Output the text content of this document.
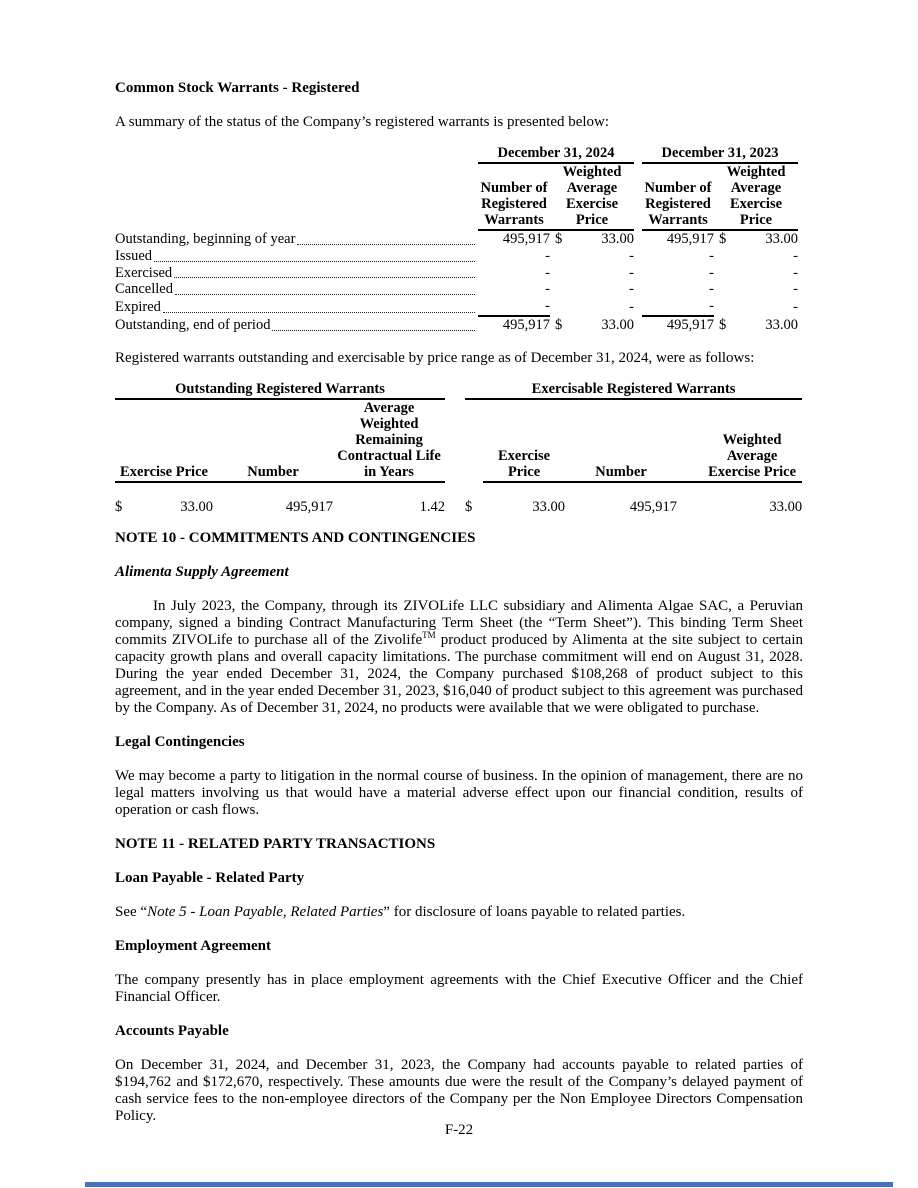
Common Stock Warrants - Registered
A summary of the status of the Company’s registered warrants is presented below:
	December 31, 2024				December 31, 2023		
	Number of Registered Warrants	Weighted Average Exercise Price			Number of Registered Warrants	Weighted Average Exercise Price	

Outstanding, beginning of year	495,917	$	33.00		495,917	$	33.00

Issued	-		-		-		-

Exercised	-		-		-		-

Cancelled	-		-		-		-

Expired	-		-		-		-

Outstanding, end of period	495,917	$	33.00		495,917	$	33.00
Registered warrants outstanding and exercisable by price range as of December 31, 2024, were as follows:
Outstanding Registered Warrants					Exercisable Registered Warrants			
Exercise Price		Number	Average Weighted Remaining Contractual Life in Years			Exercise Price	Number	Weighted Average Exercise Price
$	33.00	495,917	1.42		$	33.00	495,917	33.00
NOTE 10 - COMMITMENTS AND CONTINGENCIES
Alimenta Supply Agreement
In July 2023, the Company, through its ZIVOLife LLC subsidiary and Alimenta Algae SAC, a Peruvian company, signed a binding Contract Manufacturing Term Sheet (the “Term Sheet”). This binding Term Sheet commits ZIVOLife to purchase all of the Zivolife™ product produced by Alimenta at the site subject to certain capacity growth plans and overall capacity limitations. The purchase commitment will end on August 31, 2028. During the year ended December 31, 2024, the Company purchased $108,268 of product subject to this agreement, and in the year ended December 31, 2023, $16,040 of product subject to this agreement was purchased by the Company. As of December 31, 2024, no products were available that we were obligated to purchase.
Legal Contingencies
We may become a party to litigation in the normal course of business. In the opinion of management, there are no legal matters involving us that would have a material adverse effect upon our financial condition, results of operation or cash flows.
NOTE 11 - RELATED PARTY TRANSACTIONS
Loan Payable - Related Party
See “Note 5 - Loan Payable, Related Parties” for disclosure of loans payable to related parties.
Employment Agreement
The company presently has in place employment agreements with the Chief Executive Officer and the Chief Financial Officer.
Accounts Payable
On December 31, 2024, and December 31, 2023, the Company had accounts payable to related parties of $194,762 and $172,670, respectively. These amounts due were the result of the Company’s delayed payment of cash service fees to the non-employee directors of the Company per the Non Employee Directors Compensation Policy.
F-22
